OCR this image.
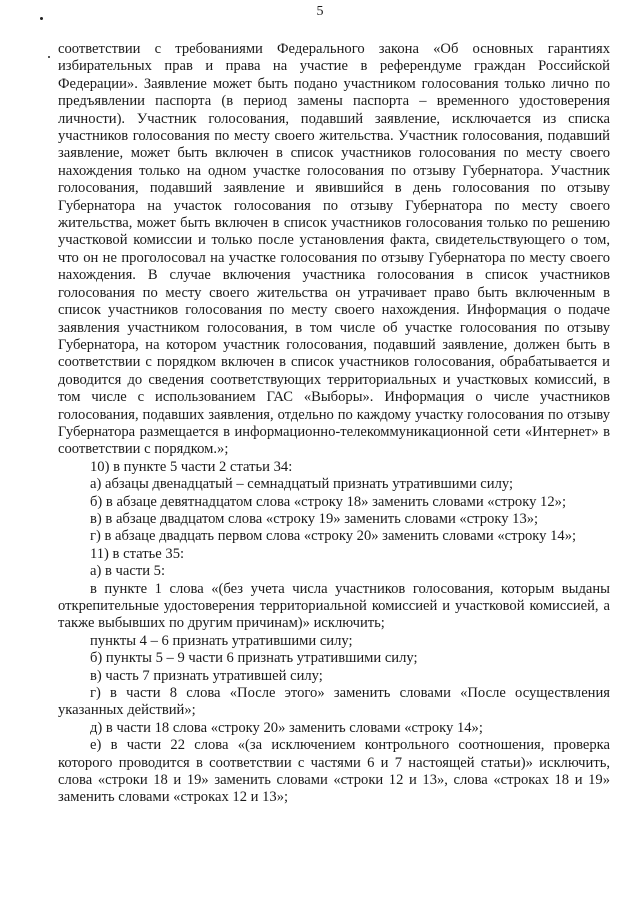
5

соответствии с требованиями Федерального закона «Об основных гарантиях избирательных прав и права на участие в референдуме граждан Российской Федерации». Заявление может быть подано участником голосования только лично по предъявлении паспорта (в период замены паспорта – временного удостоверения личности). Участник голосования, подавший заявление, исключается из списка участников голосования по месту своего жительства. Участник голосования, подавший заявление, может быть включен в список участников голосования по месту своего нахождения только на одном участке голосования по отзыву Губернатора. Участник голосования, подавший заявление и явившийся в день голосования по отзыву Губернатора на участок голосования по отзыву Губернатора по месту своего жительства, может быть включен в список участников голосования только по решению участковой комиссии и только после установления факта, свидетельствующего о том, что он не проголосовал на участке голосования по отзыву Губернатора по месту своего нахождения. В случае включения участника голосования в список участников голосования по месту своего жительства он утрачивает право быть включенным в список участников голосования по месту своего нахождения. Информация о подаче заявления участником голосования, в том числе об участке голосования по отзыву Губернатора, на котором участник голосования, подавший заявление, должен быть в соответствии с порядком включен в список участников голосования, обрабатывается и доводится до сведения соответствующих территориальных и участковых комиссий, в том числе с использованием ГАС «Выборы». Информация о числе участников голосования, подавших заявления, отдельно по каждому участку голосования по отзыву Губернатора размещается в информационно-телекоммуникационной сети «Интернет» в соответствии с порядком.»;

10) в пункте 5 части 2 статьи 34:

а) абзацы двенадцатый – семнадцатый признать утратившими силу;

б) в абзаце девятнадцатом слова «строку 18» заменить словами «строку 12»;

в) в абзаце двадцатом слова «строку 19» заменить словами «строку 13»;

г) в абзаце двадцать первом слова «строку 20» заменить словами «строку 14»;

11) в статье 35:

а) в части 5:

в пункте 1 слова «(без учета числа участников голосования, которым выданы открепительные удостоверения территориальной комиссией и участковой комиссией, а также выбывших по другим причинам)» исключить;

пункты 4 – 6 признать утратившими силу;

б) пункты 5 – 9 части 6 признать утратившими силу;

в) часть 7 признать утратившей силу;

г) в части 8 слова «После этого» заменить словами «После осуществления указанных действий»;

д) в части 18 слова «строку 20» заменить словами «строку 14»;

е) в части 22 слова «(за исключением контрольного соотношения, проверка которого проводится в соответствии с частями 6 и 7 настоящей статьи)» исключить, слова «строки 18 и 19» заменить словами «строки 12 и 13», слова «строках 18 и 19» заменить словами «строках 12 и 13»;
